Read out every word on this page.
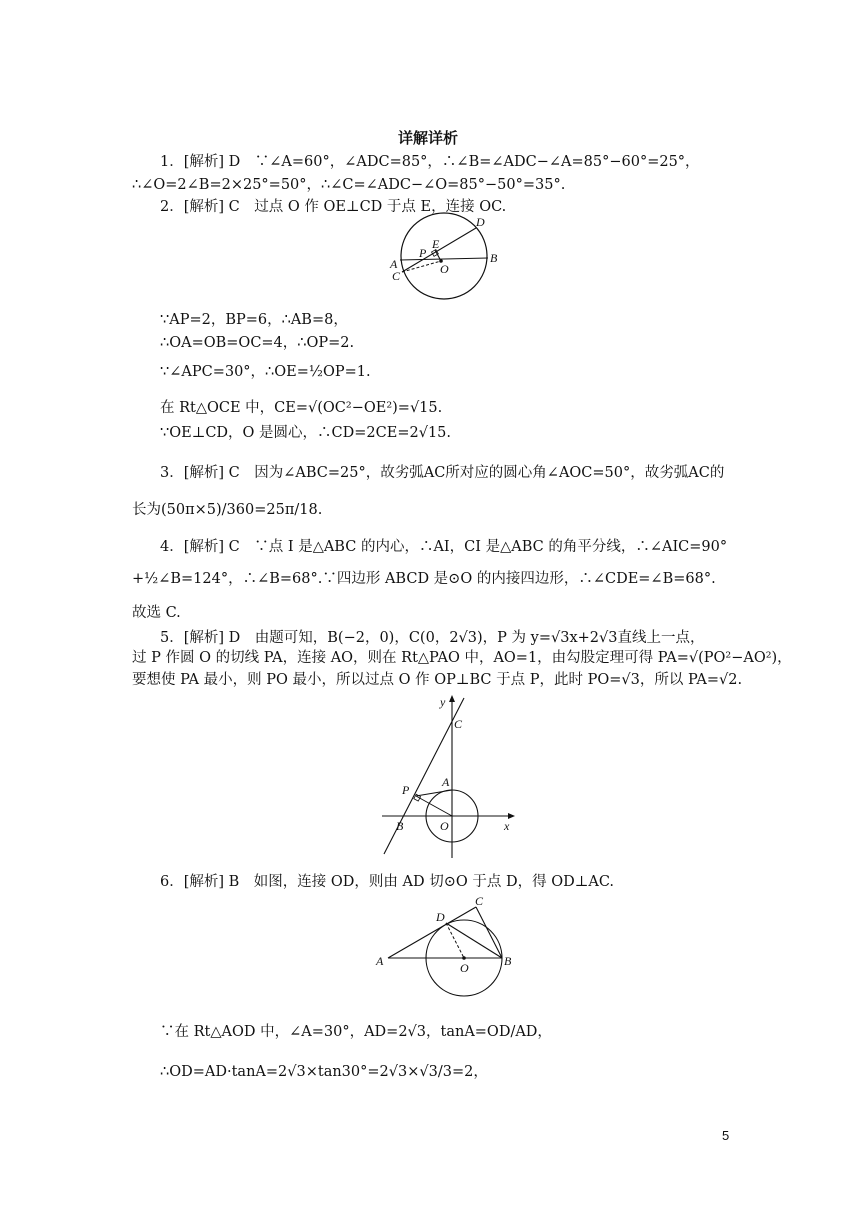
详解详析
1．[解析] D　∵∠A=60°，∠ADC=85°，∴∠B=∠ADC−∠A=85°−60°=25°，
∴∠O=2∠B=2×25°=50°，∴∠C=∠ADC−∠O=85°−50°=35°.
2．[解析] C　过点 O 作 OE⊥CD 于点 E，连接 OC.
D
E
P
A
C	O
B
∵AP=2，BP=6，∴AB=8，
∴OA=OB=OC=4，∴OP=2.
∵∠APC=30°，∴OE=½OP=1.
在 Rt△OCE 中，CE=√(OC²−OE²)=√15.
∵OE⊥CD，O 是圆心，∴CD=2CE=2√15.
3．[解析] C　因为∠ABC=25°，故劣弧AC所对应的圆心角∠AOC=50°，故劣弧AC的
长为(50π×5)/360=25π/18.
4．[解析] C　∵点 I 是△ABC 的内心，∴AI，CI 是△ABC 的角平分线，∴∠AIC=90°
+½∠B=124°，∴∠B=68°.∵四边形 ABCD 是⊙O 的内接四边形，∴∠CDE=∠B=68°.
故选 C.
5．[解析] D　由题可知，B(−2，0)，C(0，2√3)，P 为 y=√3x+2√3直线上一点，
过 P 作圆 O 的切线 PA，连接 AO，则在 Rt△PAO 中，AO=1，由勾股定理可得 PA=√(PO²−AO²)，
要想使 PA 最小，则 PO 最小，所以过点 O 作 OP⊥BC 于点 P，此时 PO=√3，所以 PA=√2.
y
C
A
P
B	O	x
6．[解析] B　如图，连接 OD，则由 AD 切⊙O 于点 D，得 OD⊥AC.
C
D
A	O	B
∵在 Rt△AOD 中，∠A=30°，AD=2√3，tanA=OD/AD，
∴OD=AD·tanA=2√3×tan30°=2√3×√3/3=2，
5
